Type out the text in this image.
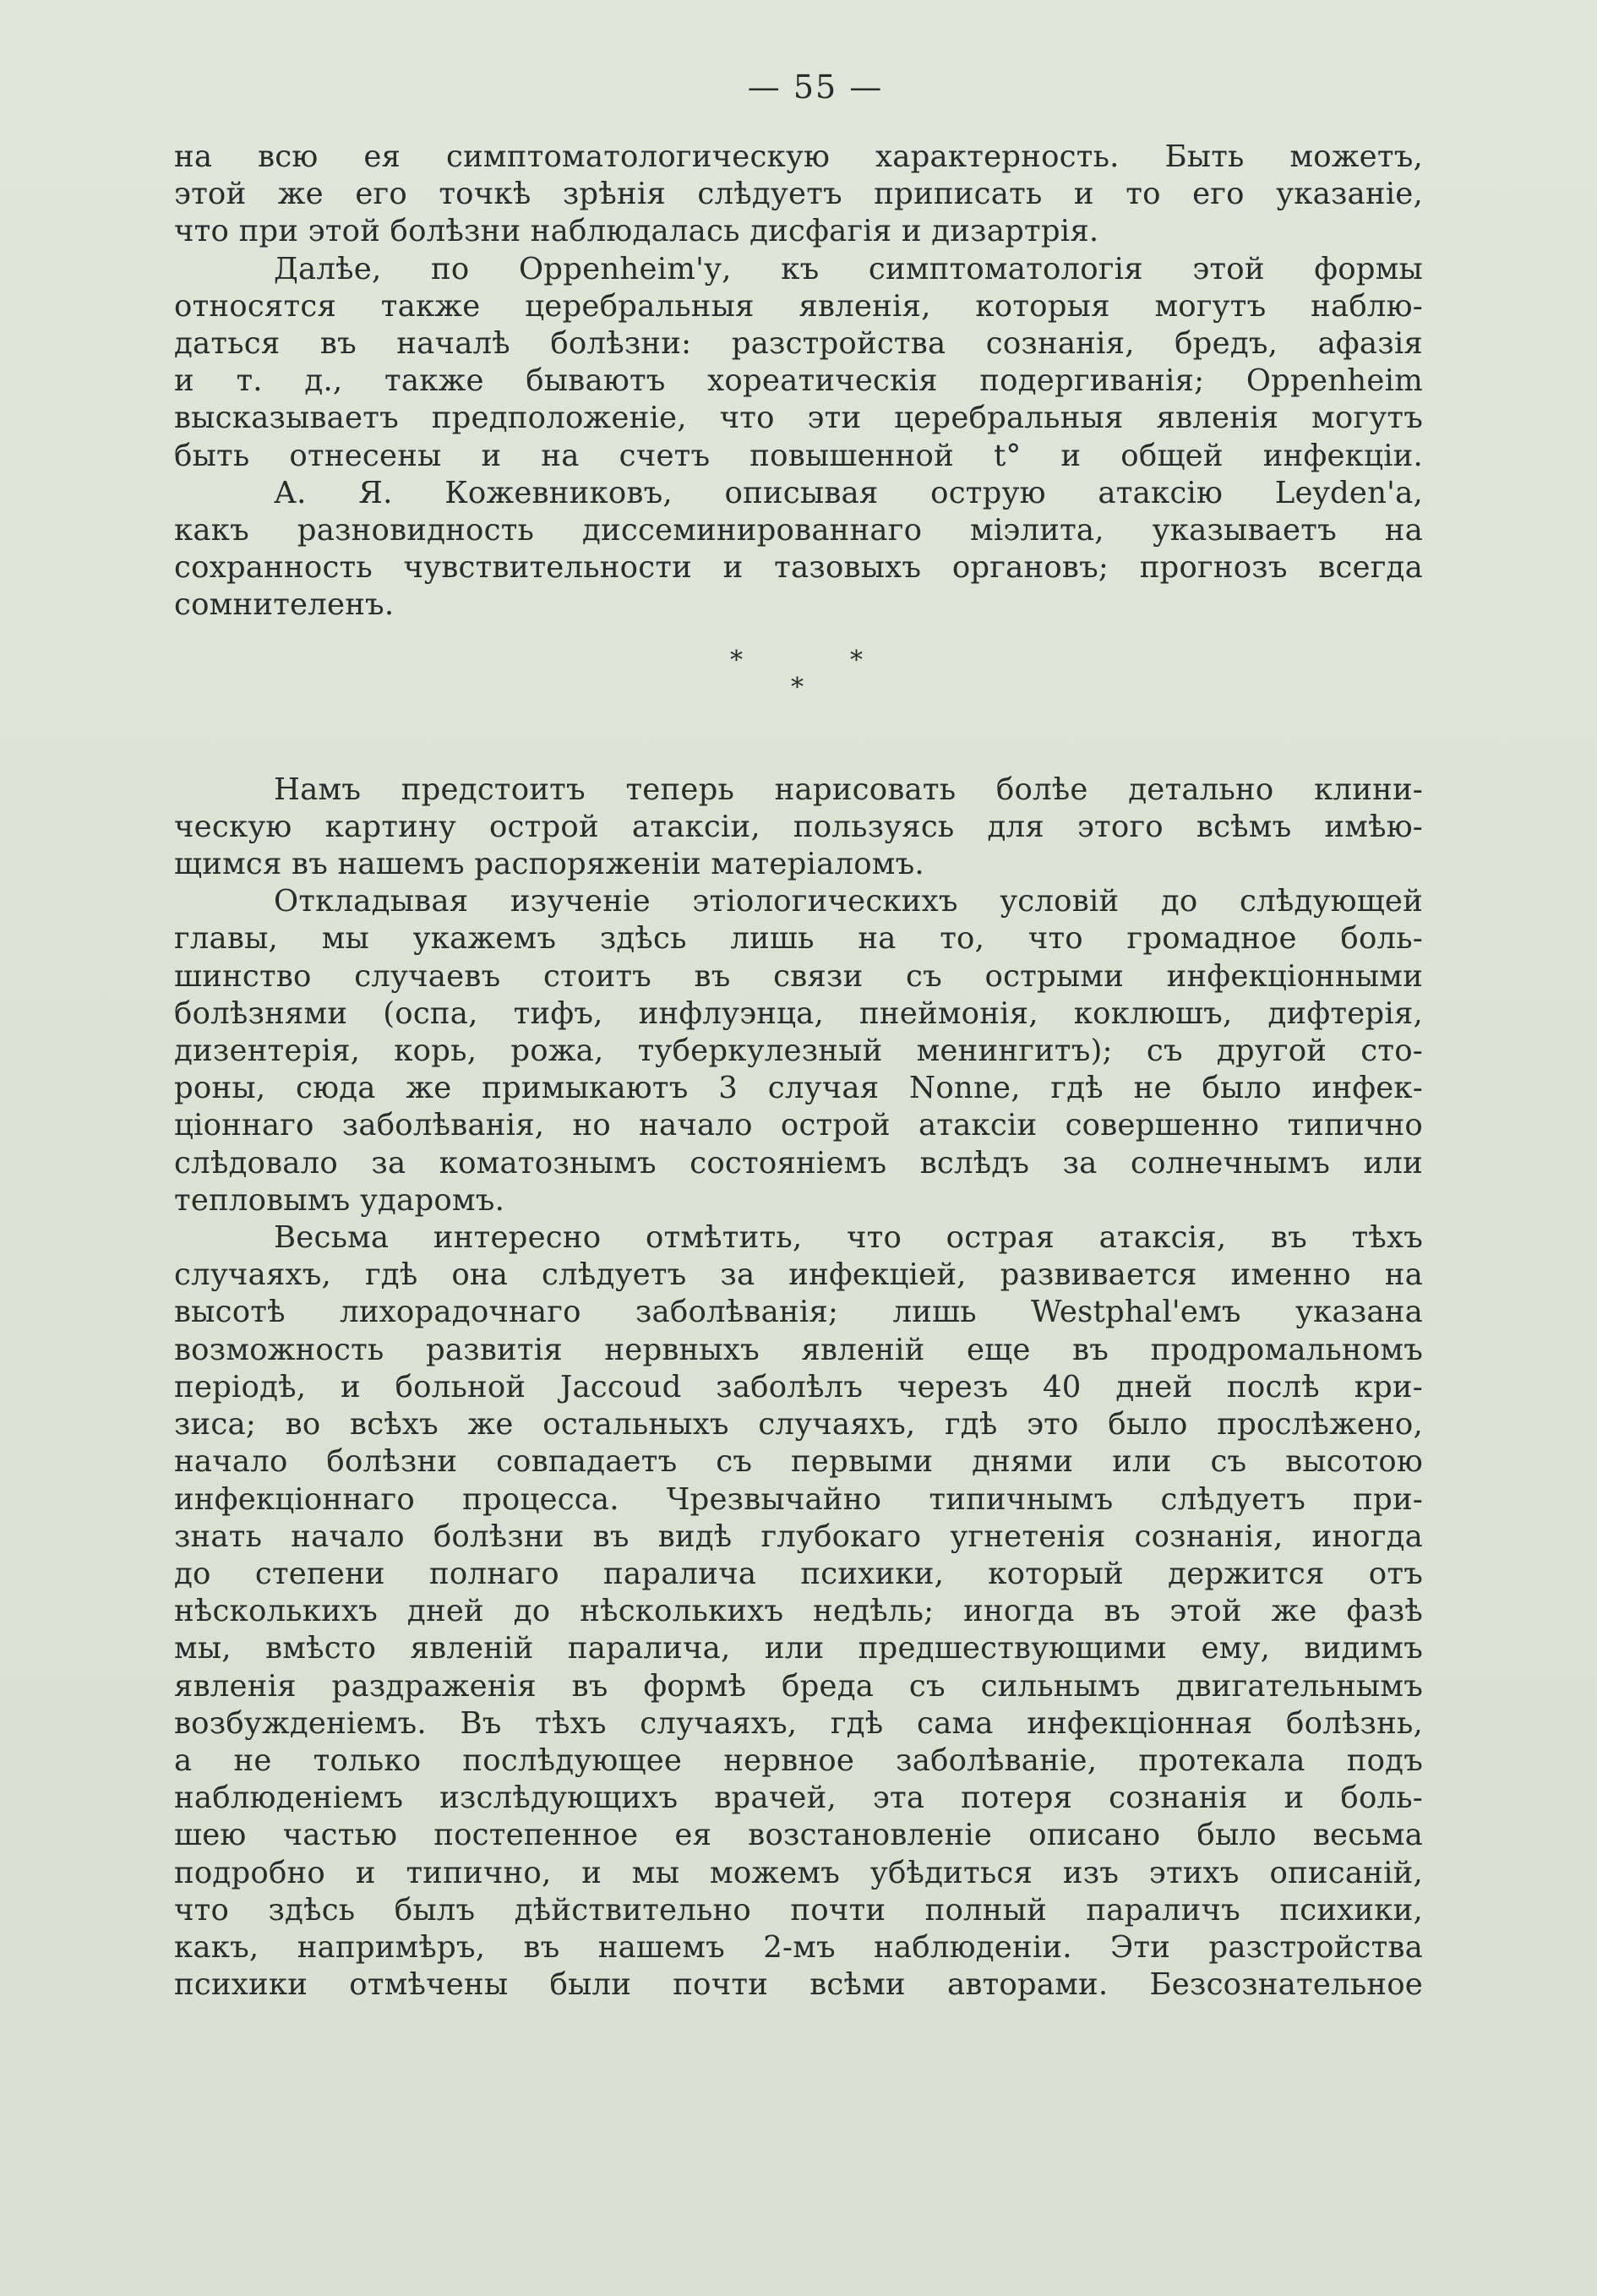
— 55 —
на всю ея симптоматологическую характерность. Быть можетъ,
этой же его точкѣ зрѣнія слѣдуетъ приписать и то его указаніе,
что при этой болѣзни наблюдалась дисфагія и дизартрія.
Далѣе, по Oppenheim'у, къ симптоматологія этой формы
относятся также церебральныя явленія, которыя могутъ наблю-
даться въ началѣ болѣзни: разстройства сознанія, бредъ, афазія
и т. д., также бываютъ хореатическія подергиванія; Oppenheim
высказываетъ предположеніе, что эти церебральныя явленія могутъ
быть отнесены и на счетъ повышенной t° и общей инфекціи.
А. Я. Кожевниковъ, описывая острую атаксію Leyden'а,
какъ разновидность диссеминированнаго міэлита, указываетъ на
сохранность чувствительности и тазовыхъ органовъ; прогнозъ всегда
сомнителенъ.
*
*
*
Намъ предстоитъ теперь нарисовать болѣе детально клини-
ческую картину острой атаксіи, пользуясь для этого всѣмъ имѣю-
щимся въ нашемъ распоряженіи матеріаломъ.
Откладывая изученіе этіологическихъ условій до слѣдующей
главы, мы укажемъ здѣсь лишь на то, что громадное боль-
шинство случаевъ стоитъ въ связи съ острыми инфекціонными
болѣзнями (оспа, тифъ, инфлуэнца, пнеймонія, коклюшъ, дифтерія,
дизентерія, корь, рожа, туберкулезный менингитъ); съ другой сто-
роны, сюда же примыкаютъ 3 случая Nonne, гдѣ не было инфек-
ціоннаго заболѣванія, но начало острой атаксіи совершенно типично
слѣдовало за коматознымъ состояніемъ вслѣдъ за солнечнымъ или
тепловымъ ударомъ.
Весьма интересно отмѣтить, что острая атаксія, въ тѣхъ
случаяхъ, гдѣ она слѣдуетъ за инфекціей, развивается именно на
высотѣ лихорадочнаго заболѣванія; лишь Westphal'емъ указана
возможность развитія нервныхъ явленій еще въ продромальномъ
періодѣ, и больной Jaccoud заболѣлъ черезъ 40 дней послѣ кри-
зиса; во всѣхъ же остальныхъ случаяхъ, гдѣ это было прослѣжено,
начало болѣзни совпадаетъ съ первыми днями или съ высотою
инфекціоннаго процесса. Чрезвычайно типичнымъ слѣдуетъ при-
знать начало болѣзни въ видѣ глубокаго угнетенія сознанія, иногда
до степени полнаго паралича психики, который держится отъ
нѣсколькихъ дней до нѣсколькихъ недѣль; иногда въ этой же фазѣ
мы, вмѣсто явленій паралича, или предшествующими ему, видимъ
явленія раздраженія въ формѣ бреда съ сильнымъ двигательнымъ
возбужденіемъ. Въ тѣхъ случаяхъ, гдѣ сама инфекціонная болѣзнь,
а не только послѣдующее нервное заболѣваніе, протекала подъ
наблюденіемъ изслѣдующихъ врачей, эта потеря сознанія и боль-
шею частью постепенное ея возстановленіе описано было весьма
подробно и типично, и мы можемъ убѣдиться изъ этихъ описаній,
что здѣсь былъ дѣйствительно почти полный параличъ психики,
какъ, напримѣръ, въ нашемъ 2-мъ наблюденіи. Эти разстройства
психики отмѣчены были почти всѣми авторами. Безсознательное
